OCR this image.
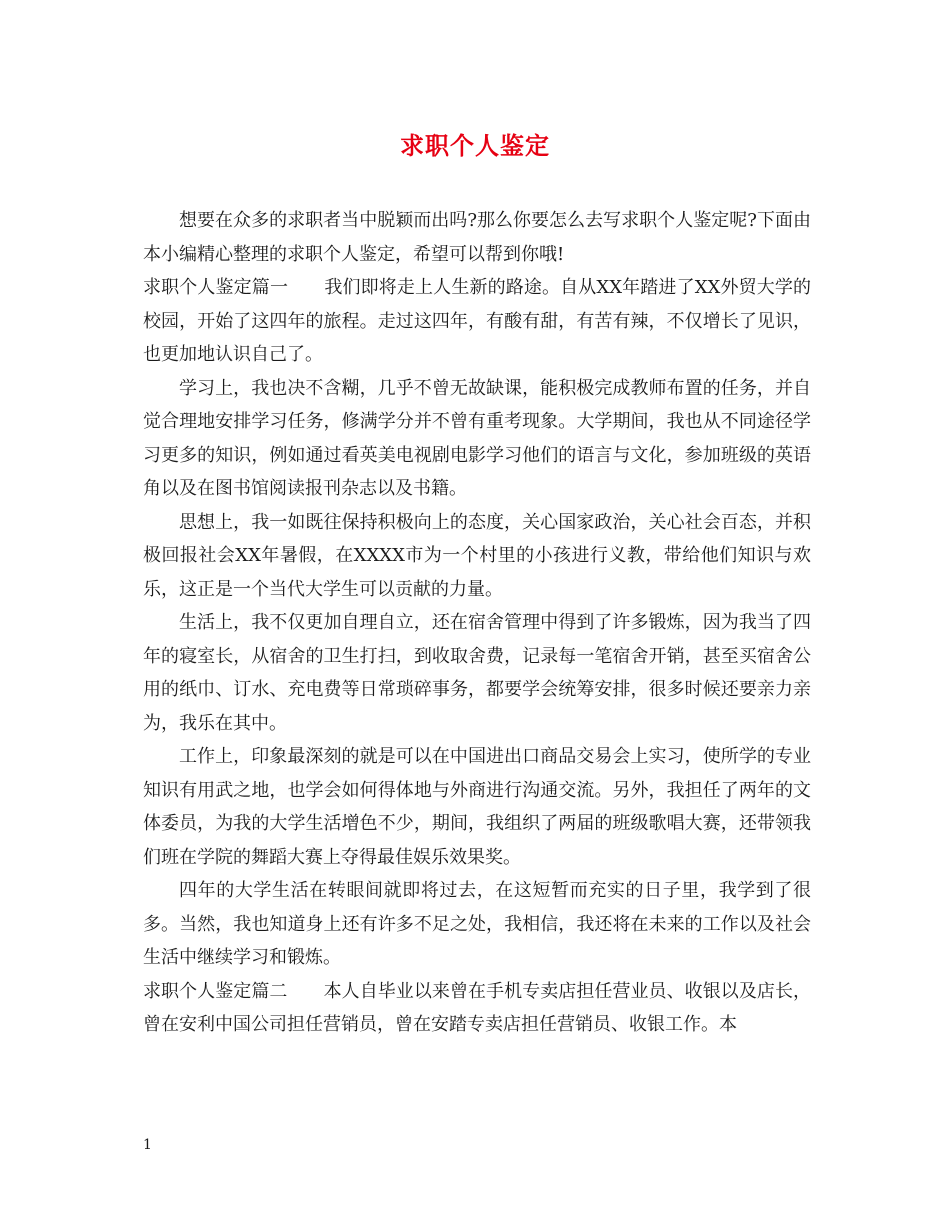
求职个人鉴定

想要在众多的求职者当中脱颖而出吗?那么你要怎么去写求职个人鉴定呢?下面由本小编精心整理的求职个人鉴定，希望可以帮到你哦!

求职个人鉴定篇一　　 我们即将走上人生新的路途。自从XX年踏进了XX外贸大学的校园，开始了这四年的旅程。走过这四年，有酸有甜，有苦有辣，不仅增长了见识，也更加地认识自己了。

学习上，我也决不含糊，几乎不曾无故缺课，能积极完成教师布置的任务，并自觉合理地安排学习任务，修满学分并不曾有重考现象。大学期间，我也从不同途径学习更多的知识，例如通过看英美电视剧电影学习他们的语言与文化，参加班级的英语角以及在图书馆阅读报刊杂志以及书籍。

思想上，我一如既往保持积极向上的态度，关心国家政治，关心社会百态，并积极回报社会XX年暑假，在XXXX市为一个村里的小孩进行义教，带给他们知识与欢乐，这正是一个当代大学生可以贡献的力量。

生活上，我不仅更加自理自立，还在宿舍管理中得到了许多锻炼，因为我当了四年的寝室长，从宿舍的卫生打扫，到收取舍费，记录每一笔宿舍开销，甚至买宿舍公用的纸巾、订水、充电费等日常琐碎事务，都要学会统筹安排，很多时候还要亲力亲为，我乐在其中。

工作上，印象最深刻的就是可以在中国进出口商品交易会上实习，使所学的专业知识有用武之地，也学会如何得体地与外商进行沟通交流。另外，我担任了两年的文体委员，为我的大学生活增色不少，期间，我组织了两届的班级歌唱大赛，还带领我们班在学院的舞蹈大赛上夺得最佳娱乐效果奖。

四年的大学生活在转眼间就即将过去，在这短暂而充实的日子里，我学到了很多。当然，我也知道身上还有许多不足之处，我相信，我还将在未来的工作以及社会生活中继续学习和锻炼。

求职个人鉴定篇二　　 本人自毕业以来曾在手机专卖店担任营业员、收银以及店长，曾在安利中国公司担任营销员，曾在安踏专卖店担任营销员、收银工作。本

1
